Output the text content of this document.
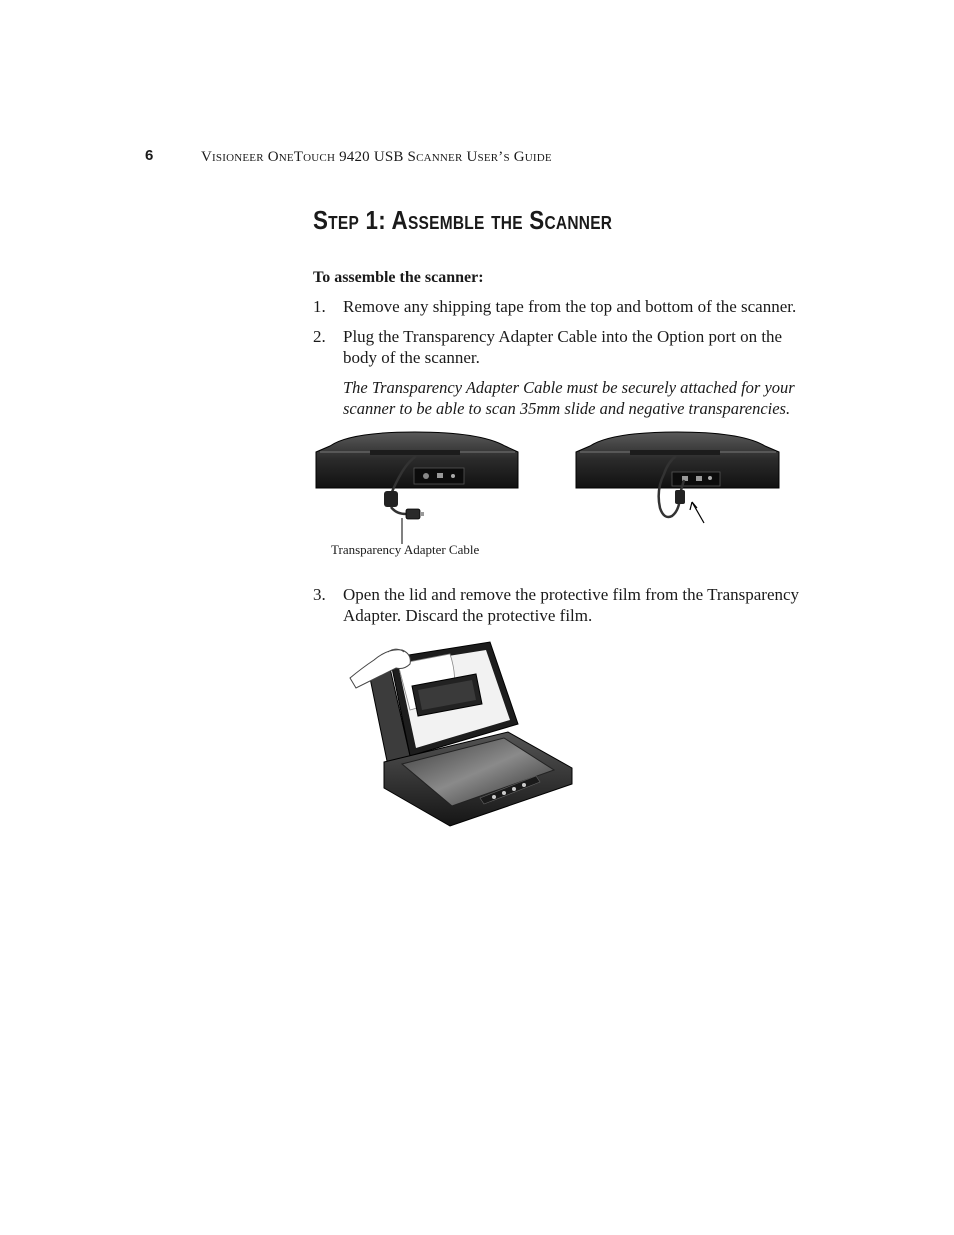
6	Visioneer OneTouch 9420 USB Scanner User’s Guide
Step 1: Assemble the Scanner
To assemble the scanner:
1. Remove any shipping tape from the top and bottom of the scanner.
2. Plug the Transparency Adapter Cable into the Option port on the body of the scanner.
The Transparency Adapter Cable must be securely attached for your scanner to be able to scan 35mm slide and negative transparencies.
Transparency Adapter Cable
3. Open the lid and remove the protective film from the Transparency Adapter. Discard the protective film.
